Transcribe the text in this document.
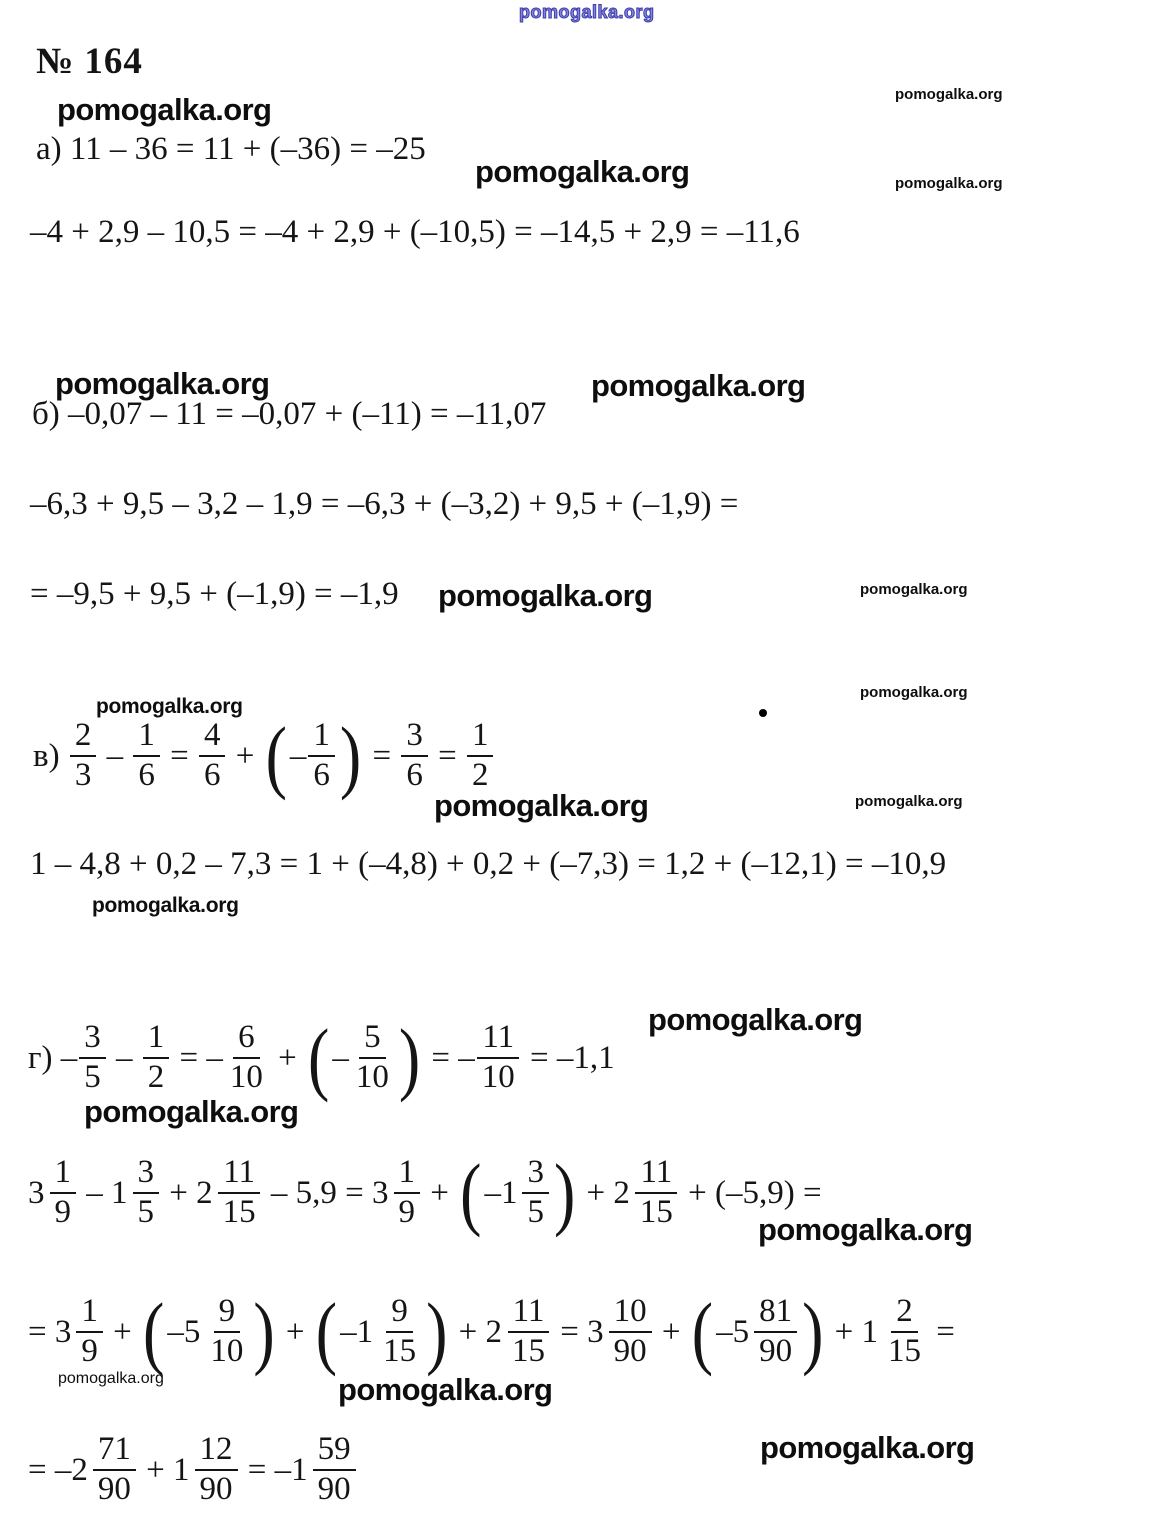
pomogalka.org
№ 164
pomogalka.org
pomogalka.org
pomogalka.org	pomogalka.org
pomogalka.org
pomogalka.org
pomogalka.org
pomogalka.org
pomogalka.org
pomogalka.org
pomogalka.org
pomogalka.org
pomogalka.org
pomogalka.org
pomogalka.org
pomogalka.org
pomogalka.org
pomogalka.org
pomogalka.org
а) 11 – 36 = 11 + (–36) = –25
–4 + 2,9 – 10,5 = –4 + 2,9 + (–10,5) = –14,5 + 2,9 = –11,6
б) –0,07 – 11 = –0,07 + (–11) = –11,07
–6,3 + 9,5 – 3,2 – 1,9 = –6,3 + (–3,2) + 9,5 + (–1,9) =
= –9,5 + 9,5 + (–1,9) = –1,9
в)
2
3
– $\frac{1}{6} = \frac{4}{6}$ + ( –
1
6 ) = $\frac{3}{6} = \frac{1}{2}$
1 – 4,8 + 0,2 – 7,3 = 1 + (–4,8) + 0,2 + (–7,3) = 1,2 + (–12,1) = –10,9
г) –
3
5
– $\frac{1}{2}$ = –
6
10
+ ( –
5
10 ) = – $\frac{11}{10} = -1,1$
3
1
9
– 1
3
5
+ 2
11
15
– 5,9 = 3
1
9
+ ( – 1
3
5 ) + 2
11
15
+ (–5,9) =
= 3
1
9
+ ( – 5
9
10 ) + ( – 1
9
15 ) + 2
11
15
= 3
10
90
+ ( – 5
81
90 ) + 1
2
15
=
= – 2
71
90
+ 1
12
90
= – 1
59
90
